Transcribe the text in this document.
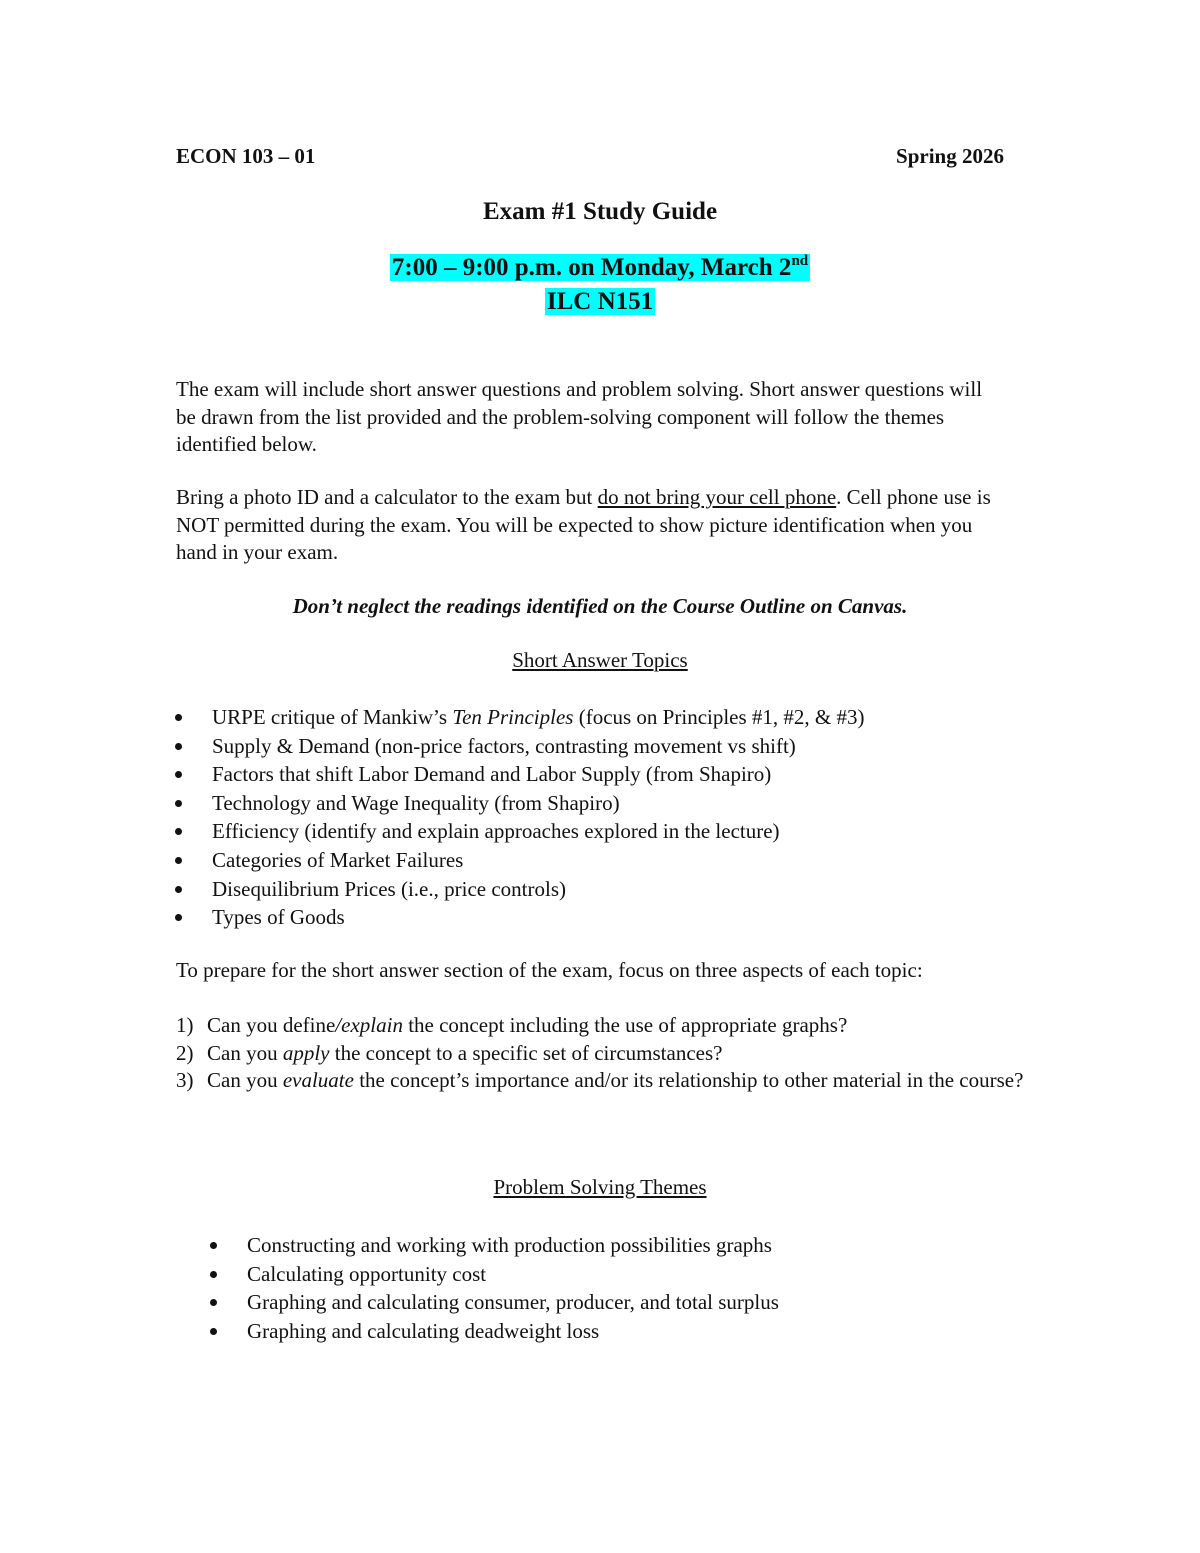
ECON 103 – 01	Spring 2026
Exam #1 Study Guide
7:00 – 9:00 p.m. on Monday, March 2nd
ILC N151

The exam will include short answer questions and problem solving. Short answer questions will be drawn from the list provided and the problem-solving component will follow the themes identified below.

Bring a photo ID and a calculator to the exam but do not bring your cell phone. Cell phone use is NOT permitted during the exam. You will be expected to show picture identification when you hand in your exam.

Don’t neglect the readings identified on the Course Outline on Canvas.
Short Answer Topics
URPE critique of Mankiw’s Ten Principles (focus on Principles #1, #2, & #3)
Supply & Demand (non-price factors, contrasting movement vs shift)
Factors that shift Labor Demand and Labor Supply (from Shapiro)
Technology and Wage Inequality (from Shapiro)
Efficiency (identify and explain approaches explored in the lecture)
Categories of Market Failures
Disequilibrium Prices (i.e., price controls)
Types of Goods

To prepare for the short answer section of the exam, focus on three aspects of each topic:

1) Can you define/explain the concept including the use of appropriate graphs?
2) Can you apply the concept to a specific set of circumstances?
3) Can you evaluate the concept’s importance and/or its relationship to other material in the course?
Problem Solving Themes
Constructing and working with production possibilities graphs
Calculating opportunity cost
Graphing and calculating consumer, producer, and total surplus
Graphing and calculating deadweight loss
